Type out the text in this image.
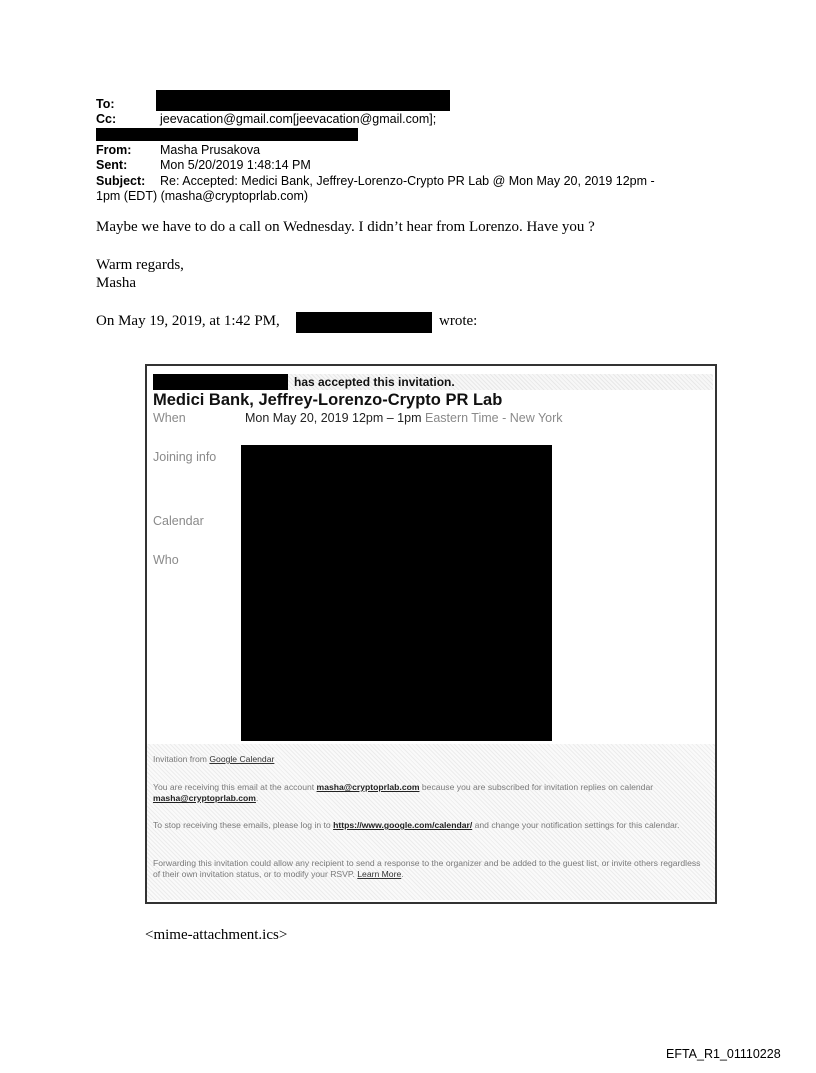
To:
Cc:	jeevacation@gmail.com[jeevacation@gmail.com];
From: Masha Prusakova
Sent:	Mon 5/20/2019 1:48:14 PM
Subject: Re: Accepted: Medici Bank, Jeffrey-Lorenzo-Crypto PR Lab @ Mon May 20, 2019 12pm -
1pm (EDT) (masha@cryptoprlab.com)
Maybe we have to do a call on Wednesday. I didn’t hear from Lorenzo. Have you ?
Warm regards,
Masha
On May 19, 2019, at 1:42 PM,	wrote:
has accepted this invitation.
Medici Bank, Jeffrey-Lorenzo-Crypto PR Lab
When	Mon May 20, 2019 12pm – 1pm Eastern Time - New York
Joining info
Calendar
Who
Invitation from Google Calendar
You are receiving this email at the account masha@cryptoprlab.com because you are subscribed for invitation replies on calendar masha@cryptoprlab.com.
To stop receiving these emails, please log in to https://www.google.com/calendar/ and change your notification settings for this calendar.
Forwarding this invitation could allow any recipient to send a response to the organizer and be added to the guest list, or invite others regardless of their own invitation status, or to modify your RSVP. Learn More.
<mime-attachment.ics>
EFTA_R1_01110228
